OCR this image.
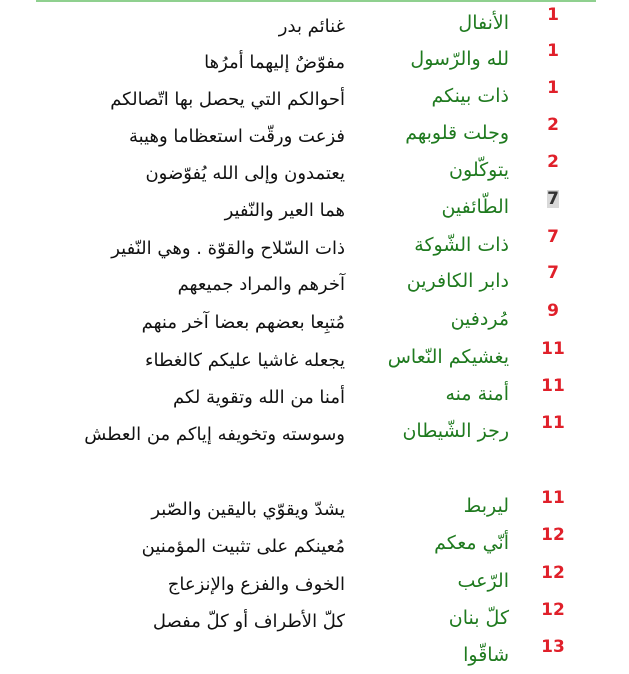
1
الأنفال
غنائم بدر
1
لله والرّسول
مفوّضٌ إليهما أمرُها
1
ذات بينكم
أحوالكم التي يحصل بها اتّصالكم
2
وجلت قلوبهم
فزعت ورقّت استعظاما وهيبة
2
يتوكّلون
يعتمدون وإلى الله يُفوّضون
7
الطّائفين
هما العير والنّفير
7
ذات الشّوكة
ذات السّلاح والقوّة . وهي النّفير
7
دابر الكافرين
آخرهم والمراد جميعهم
9
مُردفين
مُتبِعا بعضهم بعضا آخر منهم
11
يغشيكم النّعاس
يجعله غاشيا عليكم كالغطاء
11
أمنة منه
أمنا من الله وتقوية لكم
11
رجز الشّيطان
وسوسته وتخويفه إياكم من العطش
11
ليربط
يشدّ ويقوّي باليقين والصّبر
12
أنّي معكم
مُعينكم على تثبيت المؤمنين
12
الرّعب
الخوف والفزع والإنزعاج
12
كلّ بنان
كلّ الأطراف أو كلّ مفصل
13
شاقّوا
